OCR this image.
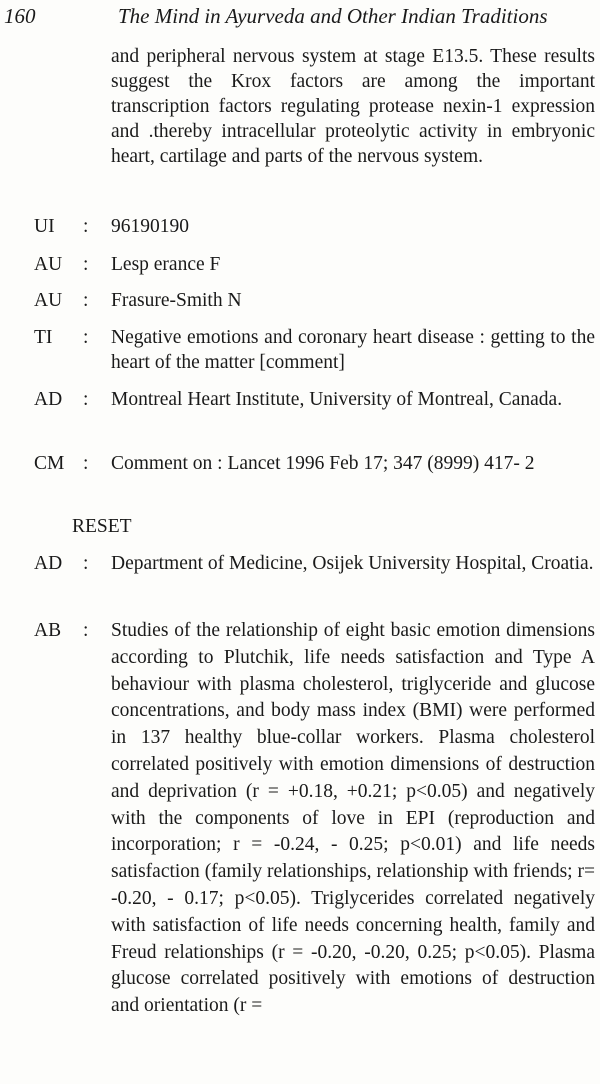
160	The Mind in Ayurveda and Other Indian Traditions
and peripheral nervous system at stage E13.5. These results suggest the Krox factors are among the important transcription factors regulating protease nexin-1 expression and .thereby intracellular proteolytic activity in embryonic heart, cartilage and parts of the nervous system.
UI	: 96190190
AU	: Lesp erance F
AU	: Frasure-Smith N
TI	: Negative emotions and coronary heart disease : getting to the heart of the matter [comment]
AD	: Montreal Heart Institute, University of Montreal, Canada.
CM : Comment on : Lancet 1996 Feb 17; 347 (8999) 417- 2
RESET
AD	: Department of Medicine, Osijek University Hospital, Croatia.
AB	: Studies of the relationship of eight basic emotion dimensions according to Plutchik, life needs satisfaction and Type A behaviour with plasma cholesterol, triglyceride and glucose concentrations, and body mass index (BMI) were performed in 137 healthy blue-collar workers. Plasma cholesterol correlated positively with emotion dimensions of destruction and deprivation (r = +0.18, +0.21; p<0.05) and negatively with the components of love in EPI (reproduction and incorporation; r = -0.24, - 0.25; p<0.01) and life needs satisfaction (family relationships, relationship with friends; r= -0.20, - 0.17; p<0.05). Triglycerides correlated negatively with satisfaction of life needs concerning health, family and Freud relationships (r = -0.20, -0.20, 0.25; p<0.05). Plasma glucose correlated positively with emotions of destruction and orientation (r =
